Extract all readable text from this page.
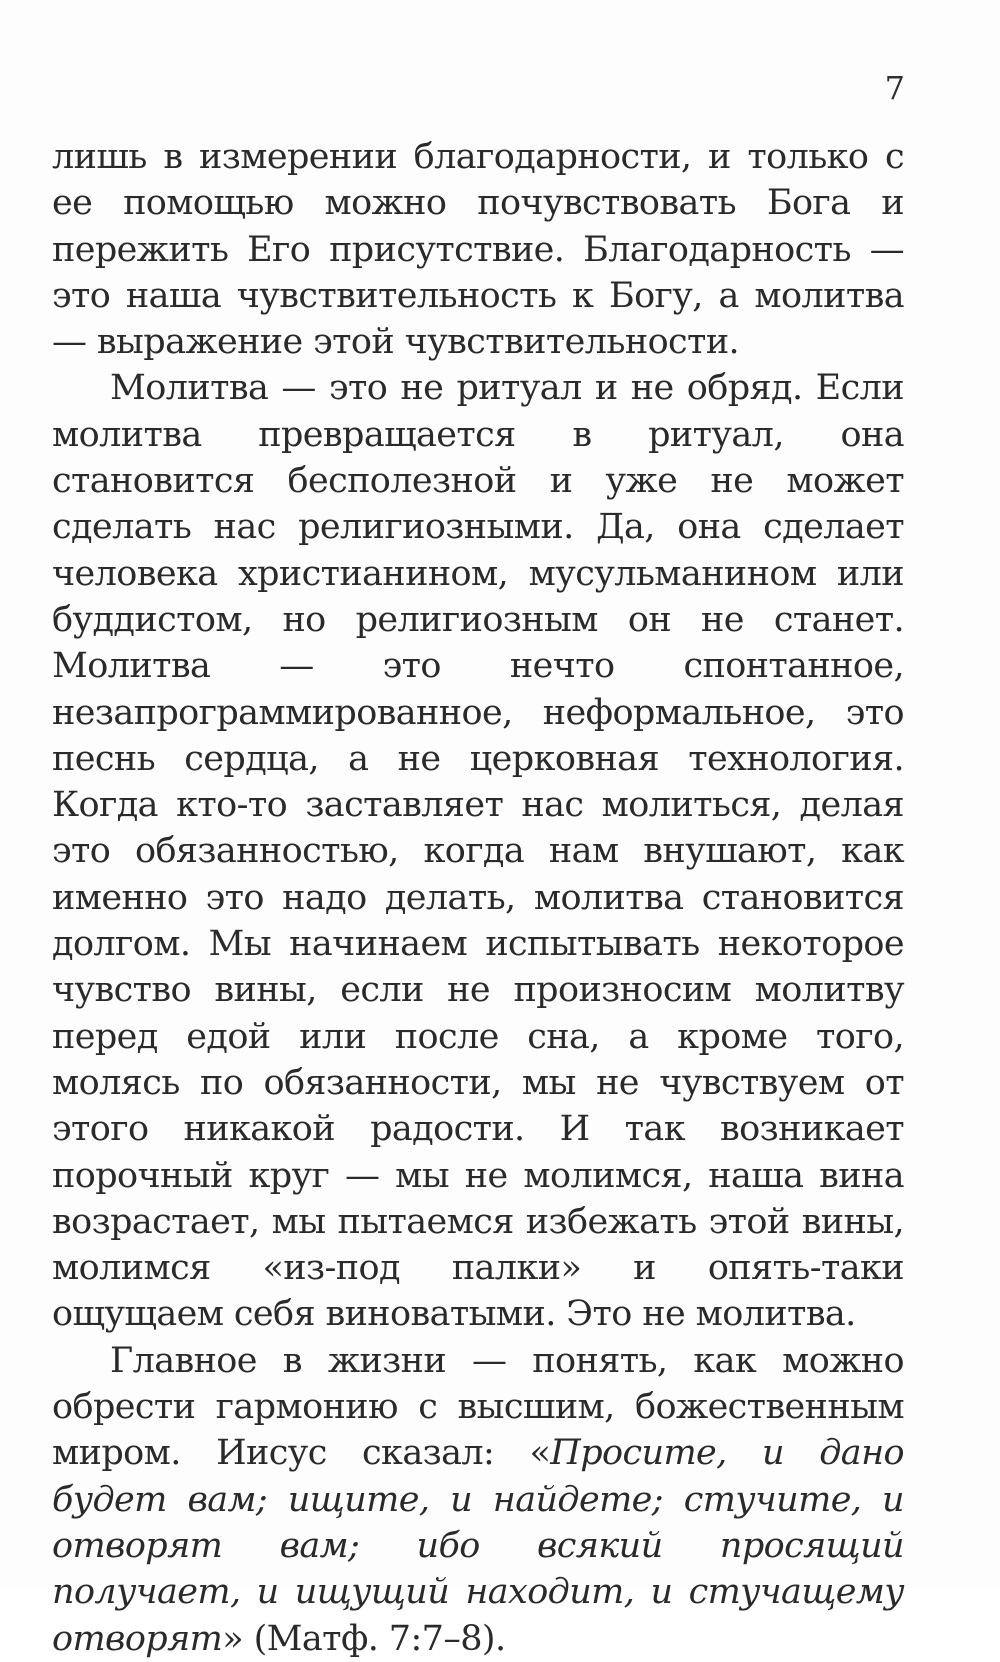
7

лишь в измерении благодарности, и только с ее помощью можно почувствовать Бога и пережить Его присутствие. Благодарность — это наша чувствительность к Богу, а молитва — выражение этой чувствительности.

Молитва — это не ритуал и не обряд. Если молитва превращается в ритуал, она становится бесполезной и уже не может сделать нас религиозными. Да, она сделает человека христианином, мусульманином или буддистом, но религиозным он не станет. Молитва — это нечто спонтанное, незапрограммированное, неформальное, это песнь сердца, а не церковная технология. Когда кто-то заставляет нас молиться, делая это обязанностью, когда нам внушают, как именно это надо делать, молитва становится долгом. Мы начинаем испытывать некоторое чувство вины, если не произносим молитву перед едой или после сна, а кроме того, молясь по обязанности, мы не чувствуем от этого никакой радости. И так возникает порочный круг — мы не молимся, наша вина возрастает, мы пытаемся избежать этой вины, молимся «из-под палки» и опять-таки ощущаем себя виноватыми. Это не молитва.

Главное в жизни — понять, как можно обрести гармонию с высшим, божественным миром. Иисус сказал: «Просите, и дано будет вам; ищите, и найдете; стучите, и отворят вам; ибо всякий просящий получает, и ищущий находит, и стучащему отворят» (Матф. 7:7–8).
